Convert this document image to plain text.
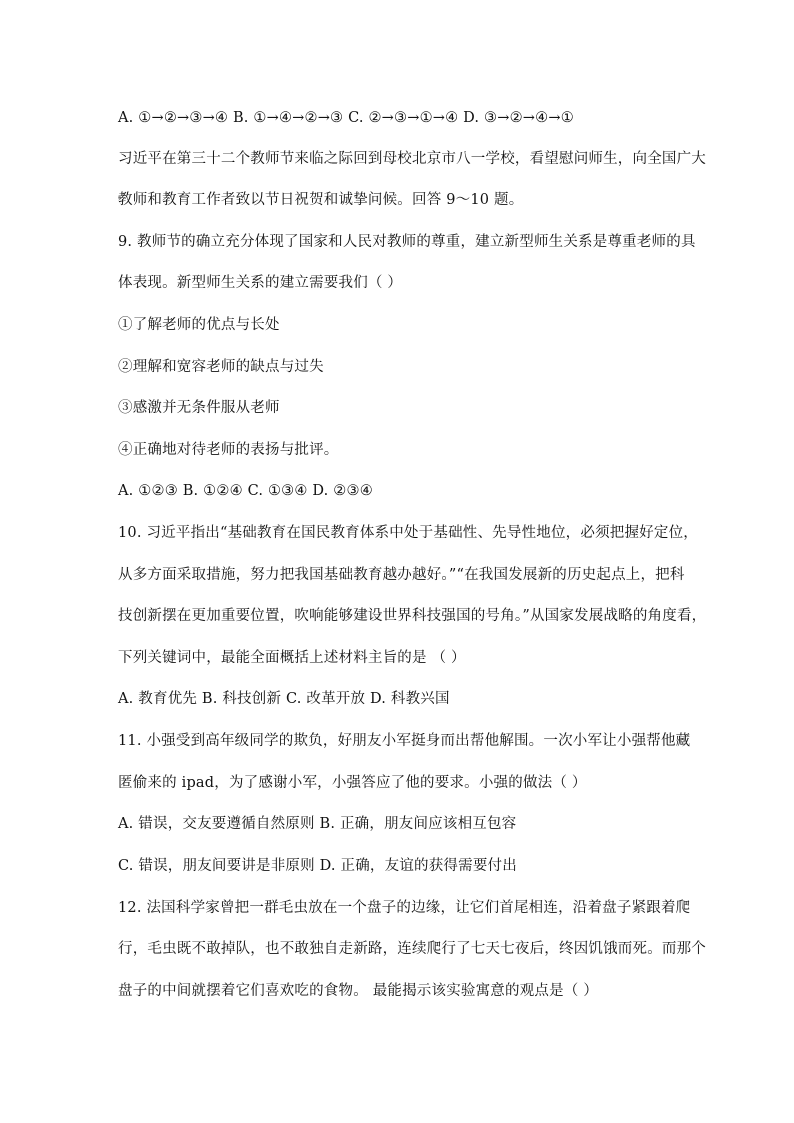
A. ①→②→③→④ B. ①→④→②→③ C. ②→③→①→④ D. ③→②→④→①
习近平在第三十二个教师节来临之际回到母校北京市八一学校，看望慰问师生，向全国广大
教师和教育工作者致以节日祝贺和诚挚问候。回答 9～10 题。
9. 教师节的确立充分体现了国家和人民对教师的尊重，建立新型师生关系是尊重老师的具
体表现。新型师生关系的建立需要我们（ ）
①了解老师的优点与长处
②理解和宽容老师的缺点与过失
③感激并无条件服从老师
④正确地对待老师的表扬与批评。
A. ①②③ B. ①②④ C. ①③④ D. ②③④
10. 习近平指出“基础教育在国民教育体系中处于基础性、先导性地位，必须把握好定位，
从多方面采取措施，努力把我国基础教育越办越好。”“在我国发展新的历史起点上，把科
技创新摆在更加重要位置，吹响能够建设世界科技强国的号角。”从国家发展战略的角度看，
下列关键词中，最能全面概括上述材料主旨的是 （ ）
A. 教育优先 B. 科技创新 C. 改革开放 D. 科教兴国
11. 小强受到高年级同学的欺负，好朋友小军挺身而出帮他解围。一次小军让小强帮他藏
匿偷来的 ipad，为了感谢小军，小强答应了他的要求。小强的做法（ ）
A. 错误，交友要遵循自然原则 B. 正确，朋友间应该相互包容
C. 错误，朋友间要讲是非原则 D. 正确，友谊的获得需要付出
12. 法国科学家曾把一群毛虫放在一个盘子的边缘，让它们首尾相连，沿着盘子紧跟着爬
行，毛虫既不敢掉队，也不敢独自走新路，连续爬行了七天七夜后，终因饥饿而死。而那个
盘子的中间就摆着它们喜欢吃的食物。 最能揭示该实验寓意的观点是（ ）
